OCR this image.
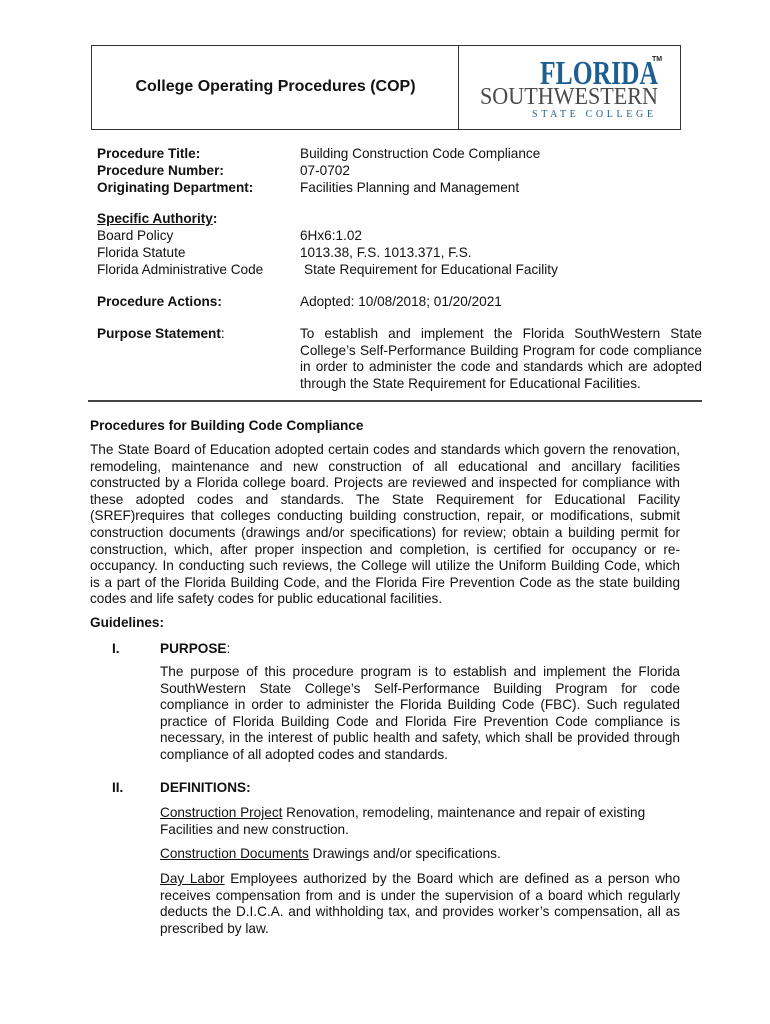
College Operating Procedures (COP)
TM
FLORIDA
SOUTHWESTERN
STATE COLLEGE
Procedure Title:	Building Construction Code Compliance
Procedure Number:	07-0702
Originating Department:	Facilities Planning and Management
Specific Authority:
Board Policy	6Hx6:1.02
Florida Statute	1013.38, F.S. 1013.371, F.S.
Florida Administrative Code	State Requirement for Educational Facility
Procedure Actions:	Adopted: 10/08/2018; 01/20/2021
Purpose Statement:	To establish and implement the Florida SouthWestern State College’s Self-Performance Building Program for code compliance in order to administer the code and standards which are adopted through the State Requirement for Educational Facilities.
Procedures for Building Code Compliance
The State Board of Education adopted certain codes and standards which govern the renovation, remodeling, maintenance and new construction of all educational and ancillary facilities constructed by a Florida college board. Projects are reviewed and inspected for compliance with these adopted codes and standards. The State Requirement for Educational Facility (SREF)requires that colleges conducting building construction, repair, or modifications, submit construction documents (drawings and/or specifications) for review; obtain a building permit for construction, which, after proper inspection and completion, is certified for occupancy or re-occupancy. In conducting such reviews, the College will utilize the Uniform Building Code, which is a part of the Florida Building Code, and the Florida Fire Prevention Code as the state building codes and life safety codes for public educational facilities.
Guidelines:
I.	PURPOSE:
The purpose of this procedure program is to establish and implement the Florida SouthWestern State College’s Self-Performance Building Program for code compliance in order to administer the Florida Building Code (FBC). Such regulated practice of Florida Building Code and Florida Fire Prevention Code compliance is necessary, in the interest of public health and safety, which shall be provided through compliance of all adopted codes and standards.
II.	DEFINITIONS:
Construction Project Renovation, remodeling, maintenance and repair of existing Facilities and new construction.
Construction Documents Drawings and/or specifications.
Day Labor Employees authorized by the Board which are defined as a person who receives compensation from and is under the supervision of a board which regularly deducts the D.I.C.A. and withholding tax, and provides worker’s compensation, all as prescribed by law.
